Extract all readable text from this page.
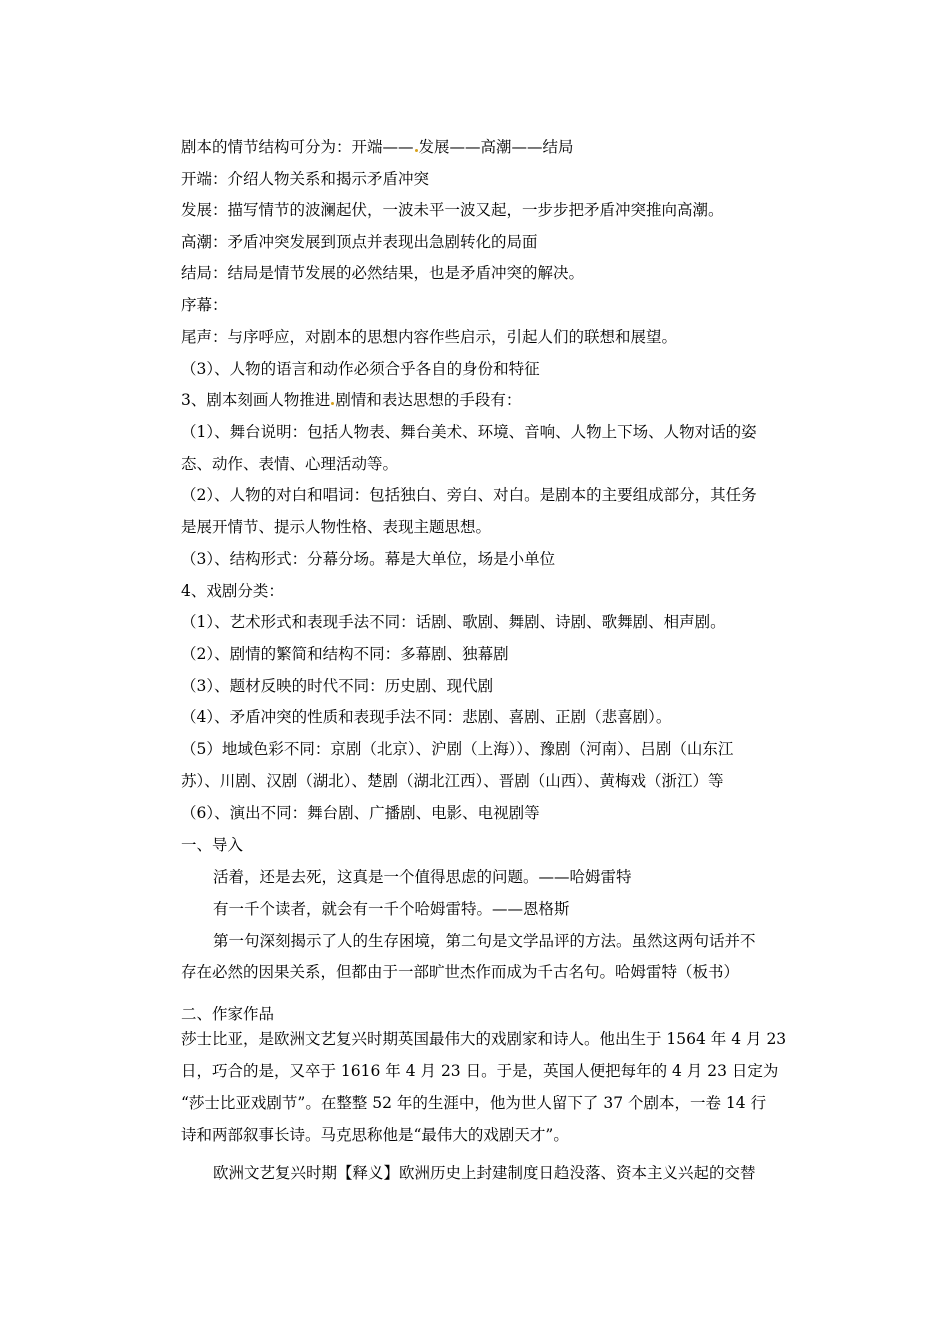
剧本的情节结构可分为：开端—— 发展——高潮——结局

开端：介绍人物关系和揭示矛盾冲突

发展：描写情节的波澜起伏，一波未平一波又起，一步步把矛盾冲突推向高潮。

高潮：矛盾冲突发展到顶点并表现出急剧转化的局面

结局：结局是情节发展的必然结果，也是矛盾冲突的解决。

序幕：

尾声：与序呼应，对剧本的思想内容作些启示，引起人们的联想和展望。

（3）、人物的语言和动作必须合乎各自的身份和特征

3、剧本刻画人物推进 剧情和表达思想的手段有：

（1）、舞台说明：包括人物表、舞台美术、环境、音响、人物上下场、人物对话的姿

态、动作、表情、心理活动等。

（2）、人物的对白和唱词：包括独白、旁白、对白。是剧本的主要组成部分，其任务

是展开情节、提示人物性格、表现主题思想。

（3）、结构形式：分幕分场。幕是大单位，场是小单位

4、戏剧分类：

（1）、艺术形式和表现手法不同：话剧、歌剧、舞剧、诗剧、歌舞剧、相声剧。

（2）、剧情的繁简和结构不同：多幕剧、独幕剧

（3）、题材反映的时代不同：历史剧、现代剧

（4）、矛盾冲突的性质和表现手法不同：悲剧、喜剧、正剧（悲喜剧）。

（5）地域色彩不同：京剧（北京）、沪剧（上海））、豫剧（河南）、吕剧（山东江

苏）、川剧、汉剧（湖北）、楚剧（湖北江西）、晋剧（山西）、黄梅戏（浙江）等

（6）、演出不同：舞台剧、广播剧、电影、电视剧等

一、导入

活着，还是去死，这真是一个值得思虑的问题。——哈姆雷特

有一千个读者，就会有一千个哈姆雷特。——恩格斯

第一句深刻揭示了人的生存困境，第二句是文学品评的方法。虽然这两句话并不

存在必然的因果关系，但都由于一部旷世杰作而成为千古名句。哈姆雷特（板书）

二、作家作品

莎士比亚，是欧洲文艺复兴时期英国最伟大的戏剧家和诗人。他出生于 1564 年 4 月 23

日，巧合的是，又卒于 1616 年 4 月 23 日。于是，英国人便把每年的 4 月 23 日定为

“莎士比亚戏剧节”。在整整 52 年的生涯中，他为世人留下了 37 个剧本，一卷 14 行

诗和两部叙事长诗。马克思称他是“最伟大的戏剧天才”。

欧洲文艺复兴时期【释义】欧洲历史上封建制度日趋没落、资本主义兴起的交替
